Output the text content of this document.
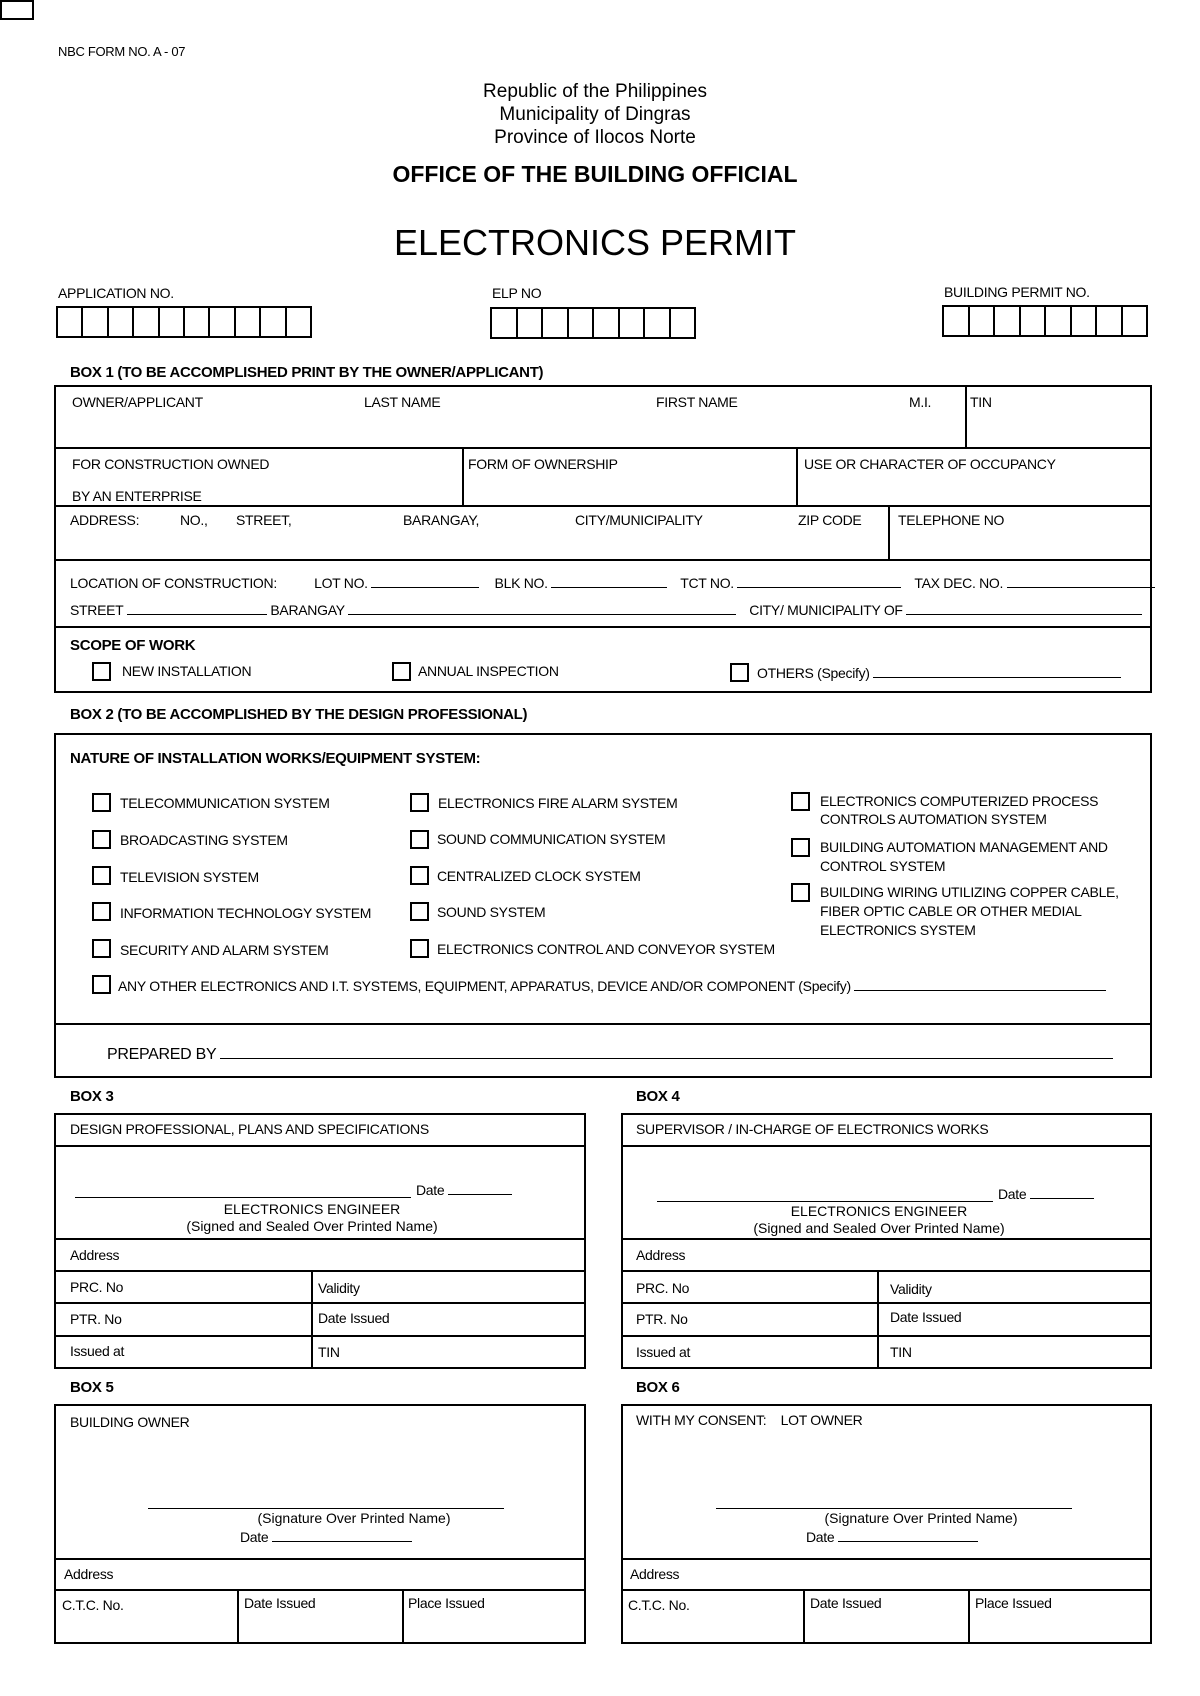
NBC FORM NO. A - 07
Republic of the Philippines
Municipality of Dingras
Province of Ilocos Norte
OFFICE OF THE BUILDING OFFICIAL
ELECTRONICS PERMIT
APPLICATION NO.	ELP NO	BUILDING PERMIT NO.
BOX 1 (TO BE ACCOMPLISHED PRINT BY THE OWNER/APPLICANT)
OWNER/APPLICANT	LAST NAME	FIRST NAME	M.I.	TIN
FOR CONSTRUCTION OWNED
BY AN ENTERPRISE
FORM OF OWNERSHIP	USE OR CHARACTER OF OCCUPANCY
ADDRESS:	NO., STREET,	BARANGAY,	CITY/MUNICIPALITY	ZIP CODE	TELEPHONE NO
LOCATION OF CONSTRUCTION:	LOT NO.	BLK NO.	TCT NO.	TAX DEC. NO.
STREET	BARANGAY	CITY/ MUNICIPALITY OF
SCOPE OF WORK
NEW INSTALLATION	ANNUAL INSPECTION	OTHERS (Specify)
BOX 2 (TO BE ACCOMPLISHED BY THE DESIGN PROFESSIONAL)
NATURE OF INSTALLATION WORKS/EQUIPMENT SYSTEM:
TELECOMMUNICATION SYSTEM
BROADCASTING SYSTEM
TELEVISION SYSTEM
INFORMATION TECHNOLOGY SYSTEM
SECURITY AND ALARM SYSTEM
ELECTRONICS FIRE ALARM SYSTEM
SOUND COMMUNICATION SYSTEM
CENTRALIZED CLOCK SYSTEM
SOUND SYSTEM
ELECTRONICS CONTROL AND CONVEYOR SYSTEM
ELECTRONICS COMPUTERIZED PROCESS
CONTROLS AUTOMATION SYSTEM
BUILDING AUTOMATION MANAGEMENT AND
CONTROL SYSTEM
BUILDING WIRING UTILIZING COPPER CABLE,
FIBER OPTIC CABLE OR OTHER MEDIAL
ELECTRONICS SYSTEM
ANY OTHER ELECTRONICS AND I.T. SYSTEMS, EQUIPMENT, APPARATUS, DEVICE AND/OR COMPONENT (Specify)
PREPARED BY
BOX 3
DESIGN PROFESSIONAL, PLANS AND SPECIFICATIONS
Date
ELECTRONICS ENGINEER
(Signed and Sealed Over Printed Name)
Address
PRC. No	Validity
PTR. No	Date Issued
Issued at	TIN
BOX 4
SUPERVISOR / IN-CHARGE OF ELECTRONICS WORKS
Date
ELECTRONICS ENGINEER
(Signed and Sealed Over Printed Name)
Address
PRC. No	Validity
PTR. No	Date Issued
Issued at	TIN
BOX 5
BUILDING OWNER
(Signature Over Printed Name)
Date
Address
C.T.C. No.	Date Issued	Place Issued
BOX 6
WITH MY CONSENT:    LOT OWNER
(Signature Over Printed Name)
Date
Address
C.T.C. No.	Date Issued	Place Issued
